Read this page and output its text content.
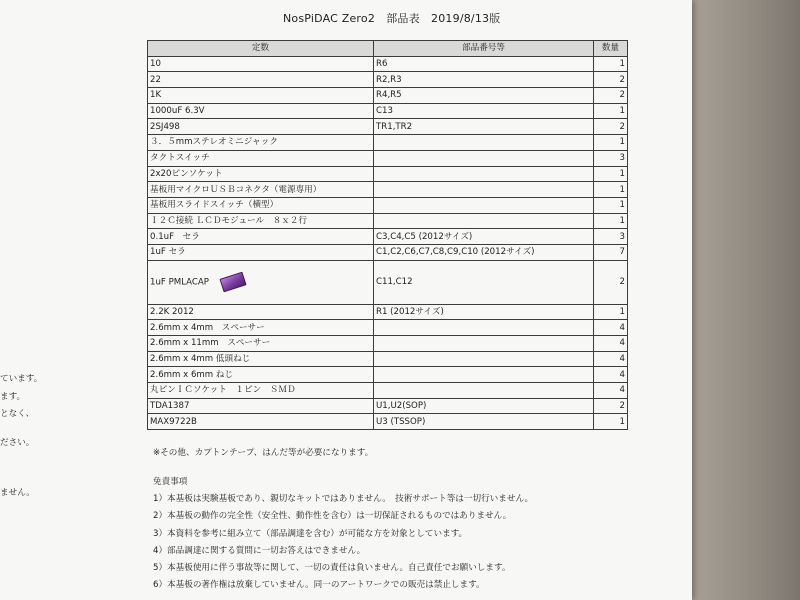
NosPiDAC Zero2　部品表　2019/8/13版
定数	部品番号等	数量
10	R6	1
22	R2,R3	2
1K	R4,R5	2
1000uF 6.3V	C13	1
2SJ498	TR1,TR2	2
３．５mmステレオミニジャック		1
タクトスイッチ		3
2x20ピンソケット		1
基板用マイクロＵＳＢコネクタ（電源専用）		1
基板用スライドスイッチ（横型）		1
Ｉ２Ｃ接続 ＬＣＤモジュール　８ｘ２行		1
0.1uF　セラ	C3,C4,C5 (2012サイズ)	3
1uF セラ	C1,C2,C6,C7,C8,C9,C10 (2012サイズ)	7
1uF PMLACAP	C11,C12	2
2.2K 2012	R1 (2012サイズ)	1
2.6mm x 4mm　スペーサー		4
2.6mm x 11mm　スペーサー		4
2.6mm x 4mm 低頭ねじ		4
2.6mm x 6mm ねじ		4
丸ピンＩＣソケット　１ピン　ＳＭＤ		4
TDA1387	U1,U2(SOP)	2
MAX9722B	U3 (TSSOP)	1
※その他、カプトンテープ、はんだ等が必要になります。
免責事項
1）本基板は実験基板であり、親切なキットではありません。　技術サポート等は一切行いません。
2）本基板の動作の完全性（安全性、動作性を含む）は一切保証されるものではありません。
3）本資料を参考に組み立て（部品調達を含む）が可能な方を対象としています。
4）部品調達に関する質問に一切お答えはできません。
5）本基板使用に伴う事故等に関して、一切の責任は負いません。自己責任でお願いします。
6）本基板の著作権は放棄していません。同一のアートワークでの販売は禁止します。
ています。
ます。
となく、
ださい。
ません。
